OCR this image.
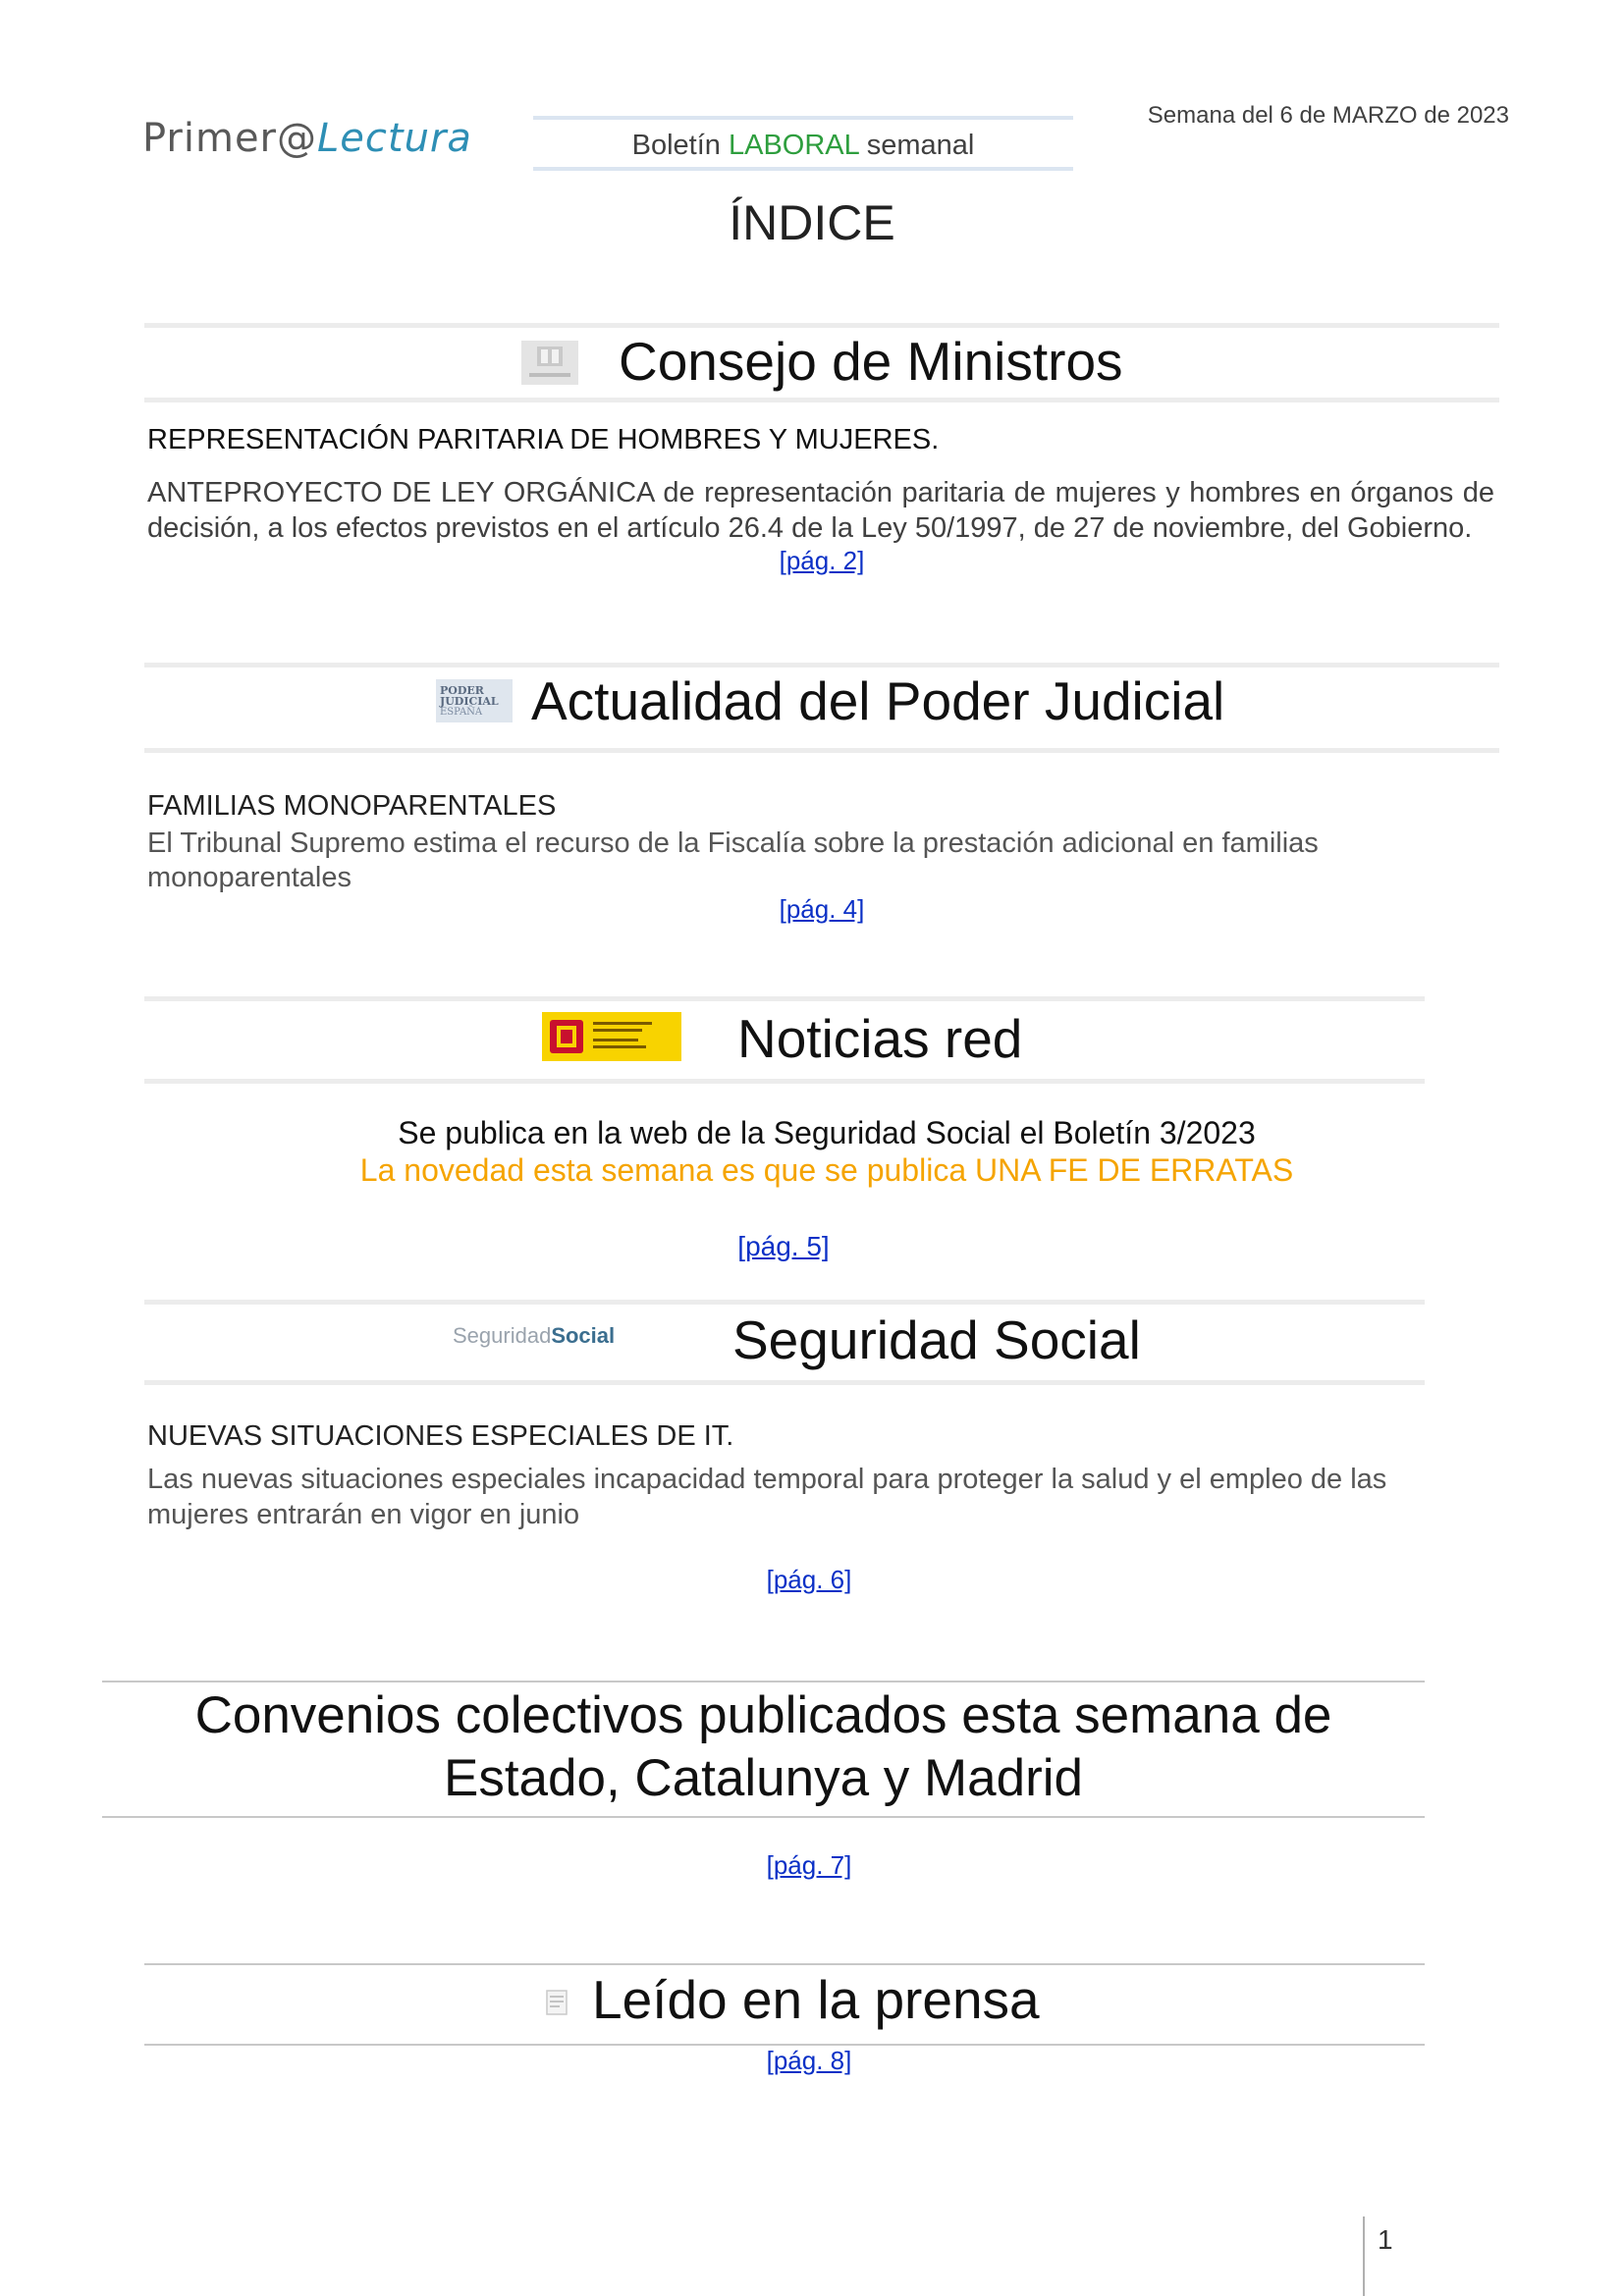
Primer@Lectura	Boletín LABORAL semanal
Semana del 6 de MARZO de 2023
ÍNDICE
Consejo de Ministros
REPRESENTACIÓN PARITARIA DE HOMBRES Y MUJERES.
ANTEPROYECTO DE LEY ORGÁNICA de representación paritaria de mujeres y hombres en órganos de decisión, a los efectos previstos en el artículo 26.4 de la Ley 50/1997, de 27 de noviembre, del Gobierno.
[pág. 2]
PODER
JUDICIAL
ESPAÑA Actualidad del Poder Judicial
FAMILIAS MONOPARENTALES
El Tribunal Supremo estima el recurso de la Fiscalía sobre la prestación adicional en familias monoparentales
[pág. 4]
Noticias red
Se publica en la web de la Seguridad Social el Boletín 3/2023
La novedad esta semana es que se publica UNA FE DE ERRATAS
[pág. 5]
SeguridadSocial Seguridad Social
NUEVAS SITUACIONES ESPECIALES DE IT.
Las nuevas situaciones especiales incapacidad temporal para proteger la salud y el empleo de las mujeres entrarán en vigor en junio
[pág. 6]
Convenios colectivos publicados esta semana de
Estado, Catalunya y Madrid
[pág. 7]
Leído en la prensa
[pág. 8]
1
